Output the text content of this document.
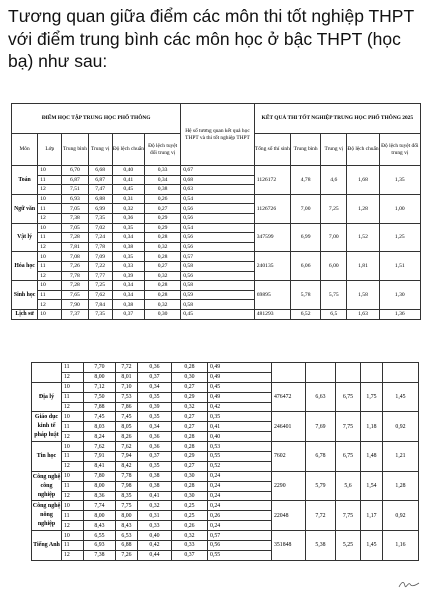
Tương quan giữa điểm các môn thi tốt nghiệp THPT với điểm trung bình các môn học ở bậc THPT (học bạ) như sau:
ĐIỂM HỌC TẬP TRUNG HỌC PHỔ THÔNG						Hệ số tương quan kết quả học THPT và thi tốt nghiệp THPT	KẾT QUẢ THI TỐT NGHIỆP TRUNG HỌC PHỔ THÔNG 2025				
Môn	Lớp	Trung bình	Trung vị	Độ lệch chuẩn	Độ lệch tuyệt đối trung vị		Tổng số thí sinh	Trung bình	Trung vị	Độ lệch chuẩn	Độ lệch tuyệt đối trung vị
Toán	10	6,70	6,68	0,40	0,33	0,67	1126172	4,78	4,6	1,68	1,35
	11	6,87	6,87	0,41	0,34	0,68					
	12	7,51	7,47	0,45	0,38	0,63					
Ngữ văn	10	6,93	6,88	0,31	0,26	0,54	1126726	7,00	7,25	1,28	1,00
	11	7,05	6,99	0,32	0,27	0,56					
	12	7,38	7,35	0,36	0,29	0,56					
Vật lý	10	7,05	7,02	0,35	0,29	0,54	347599	6,99	7,00	1,52	1,25
	11	7,28	7,24	0,34	0,28	0,56					
	12	7,81	7,78	0,38	0,32	0,56					
Hóa học	10	7,08	7,09	0,35	0,28	0,57	240135	6,06	6,00	1,81	1,51
	11	7,26	7,22	0,33	0,27	0,58					
	12	7,78	7,77	0,39	0,32	0,56					
Sinh học	10	7,28	7,25	0,34	0,28	0,58	69895	5,78	5,75	1,58	1,30
	11	7,65	7,62	0,34	0,28	0,59					
	12	7,90	7,84	0,38	0,32	0,58					
Lịch sử	10	7,37	7,35	0,37	0,30	0,45	481293	6,52	6,5	1,63	1,36
	11	7,70	7,72	0,36	0,28	0,49					
	12	8,00	8,01	0,37	0,30	0,49					
Địa lý	10	7,12	7,10	0,34	0,27	0,45	476472	6,63	6,75	1,75	1,45
	11	7,50	7,53	0,35	0,29	0,49					
	12	7,88	7,86	0,39	0,32	0,42					
Giáo dục kinh tế pháp luật	10	7,45	7,45	0,35	0,27	0,35	246401	7,69	7,75	1,18	0,92
	11	8,03	8,05	0,34	0,27	0,41					
	12	8,24	8,26	0,36	0,28	0,40					
Tin học	10	7,62	7,62	0,36	0,28	0,53	7602	6,78	6,75	1,48	1,21
	11	7,91	7,94	0,37	0,29	0,55					
	12	8,41	8,42	0,35	0,27	0,52					
Công nghệ công nghiệp	10	7,80	7,78	0,38	0,30	0,24	2290	5,79	5,6	1,54	1,28
	11	8,00	7,98	0,38	0,28	0,24					
	12	8,36	8,35	0,41	0,30	0,24					
Công nghệ nông nghiệp	10	7,74	7,75	0,32	0,25	0,24	22048	7,72	7,75	1,17	0,92
	11	8,00	8,00	0,31	0,25	0,26					
	12	8,43	8,43	0,33	0,26	0,24					
Tiếng Anh	10	6,55	6,53	0,40	0,32	0,57	351848	5,38	5,25	1,45	1,16
	11	6,93	6,88	0,42	0,33	0,56					
	12	7,38	7,26	0,44	0,37	0,55					
